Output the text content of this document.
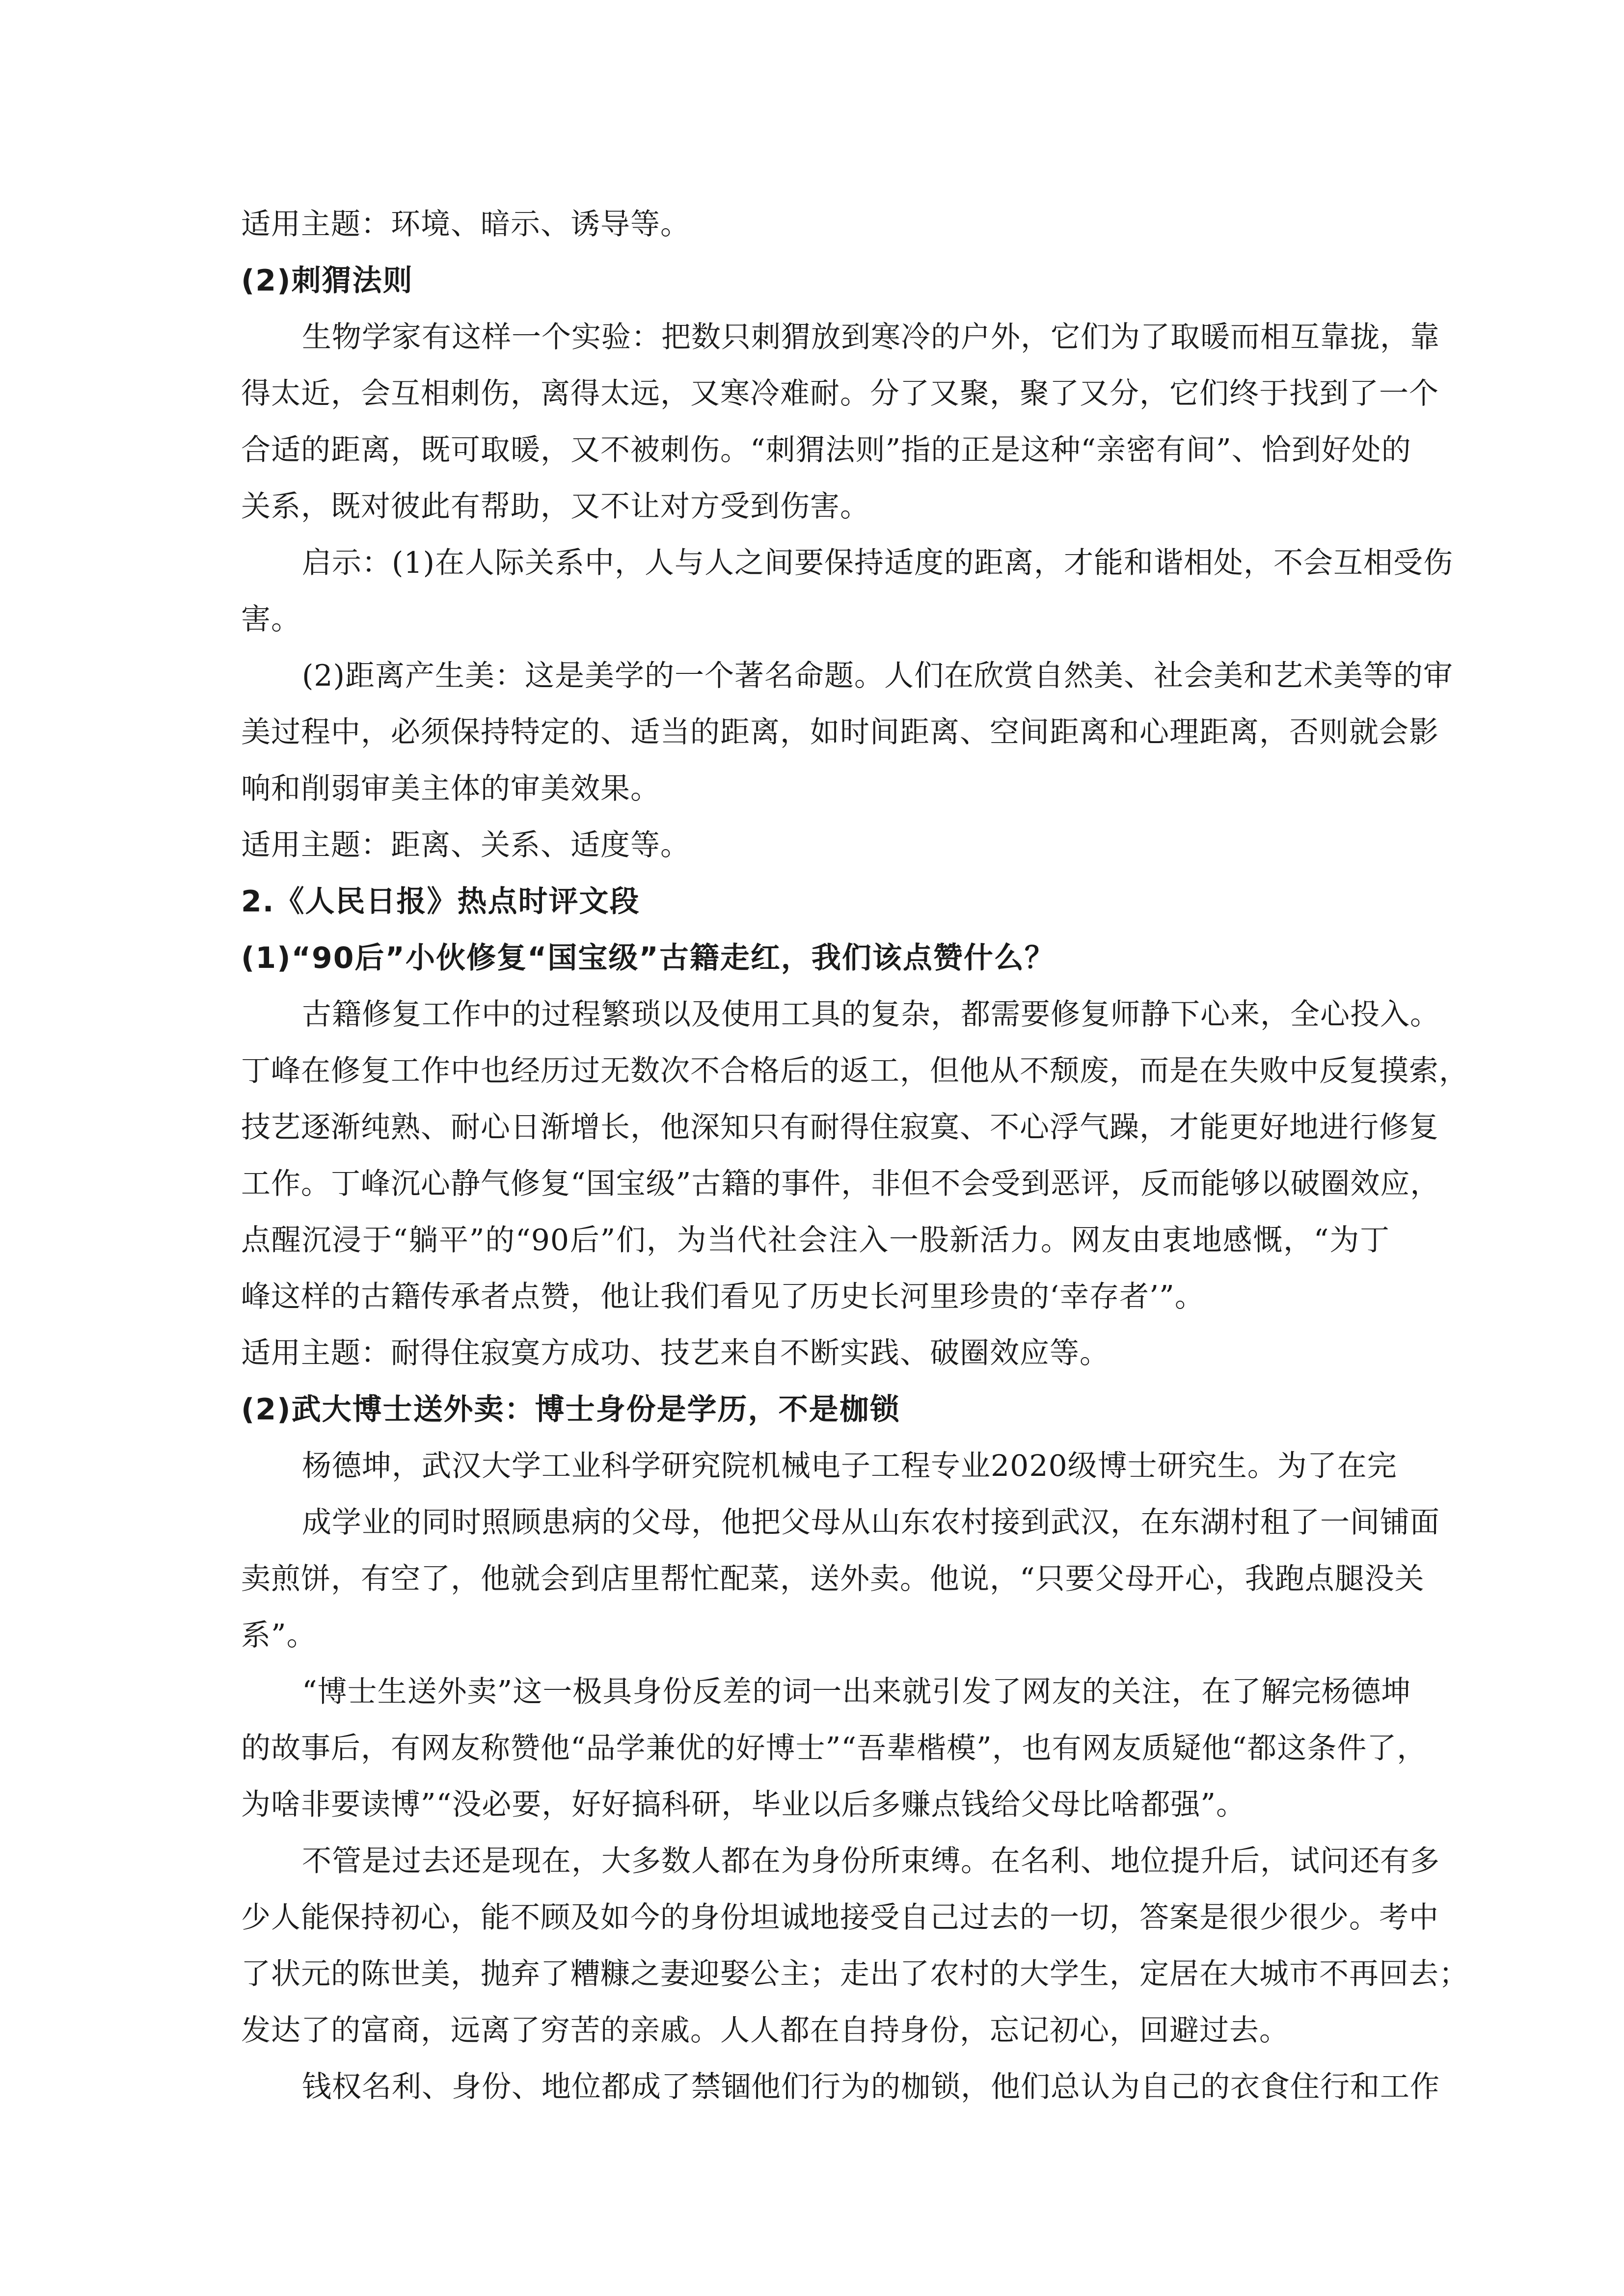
适用主题：环境、暗示、诱导等。

(2)刺猬法则

生物学家有这样一个实验：把数只刺猬放到寒冷的户外，它们为了取暖而相互靠拢，靠

得太近，会互相刺伤，离得太远，又寒冷难耐。分了又聚，聚了又分，它们终于找到了一个

合适的距离，既可取暖，又不被刺伤。“刺猬法则”指的正是这种“亲密有间”、恰到好处的

关系，既对彼此有帮助，又不让对方受到伤害。

启示：(1)在人际关系中，人与人之间要保持适度的距离，才能和谐相处，不会互相受伤

害。

(2)距离产生美：这是美学的一个著名命题。人们在欣赏自然美、社会美和艺术美等的审

美过程中，必须保持特定的、适当的距离，如时间距离、空间距离和心理距离，否则就会影

响和削弱审美主体的审美效果。

适用主题：距离、关系、适度等。

2.《人民日报》热点时评文段

(1)“90后”小伙修复“国宝级”古籍走红，我们该点赞什么？

古籍修复工作中的过程繁琐以及使用工具的复杂，都需要修复师静下心来，全心投入。

丁峰在修复工作中也经历过无数次不合格后的返工，但他从不颓废，而是在失败中反复摸索，

技艺逐渐纯熟、耐心日渐增长，他深知只有耐得住寂寞、不心浮气躁，才能更好地进行修复

工作。丁峰沉心静气修复“国宝级”古籍的事件，非但不会受到恶评，反而能够以破圈效应，

点醒沉浸于“躺平”的“90后”们，为当代社会注入一股新活力。网友由衷地感慨，“为丁

峰这样的古籍传承者点赞，他让我们看见了历史长河里珍贵的‘幸存者’”。

适用主题：耐得住寂寞方成功、技艺来自不断实践、破圈效应等。

(2)武大博士送外卖：博士身份是学历，不是枷锁

杨德坤，武汉大学工业科学研究院机械电子工程专业2020级博士研究生。为了在完

成学业的同时照顾患病的父母，他把父母从山东农村接到武汉，在东湖村租了一间铺面

卖煎饼，有空了，他就会到店里帮忙配菜，送外卖。他说，“只要父母开心，我跑点腿没关

系”。

“博士生送外卖”这一极具身份反差的词一出来就引发了网友的关注，在了解完杨德坤

的故事后，有网友称赞他“品学兼优的好博士”“吾辈楷模”，也有网友质疑他“都这条件了，

为啥非要读博”“没必要，好好搞科研，毕业以后多赚点钱给父母比啥都强”。

不管是过去还是现在，大多数人都在为身份所束缚。在名利、地位提升后，试问还有多

少人能保持初心，能不顾及如今的身份坦诚地接受自己过去的一切，答案是很少很少。考中

了状元的陈世美，抛弃了糟糠之妻迎娶公主；走出了农村的大学生，定居在大城市不再回去；

发达了的富商，远离了穷苦的亲戚。人人都在自持身份，忘记初心，回避过去。

钱权名利、身份、地位都成了禁锢他们行为的枷锁，他们总认为自己的衣食住行和工作
